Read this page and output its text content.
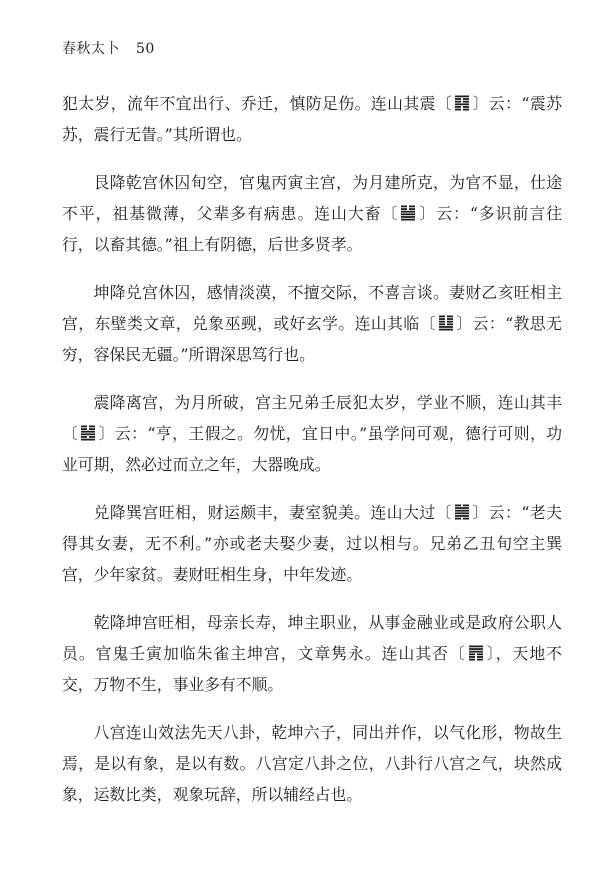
春秋太卜 50

犯太岁，流年不宜出行、乔迁，慎防足伤。连山其震〔 〕云：“震苏苏，震行无眚。”其所谓也。

艮降乾宫休囚旬空，官鬼丙寅主宫，为月建所克，为官不显，仕途不平，祖基微薄，父辈多有病患。连山大畜〔 〕云：“多识前言往行，以畜其德。”祖上有阴德，后世多贤孝。

坤降兑宫休囚，感情淡漠，不擅交际，不喜言谈。妻财乙亥旺相主宫，东壁类文章，兑象巫觋，或好玄学。连山其临〔 〕云：“教思无穷，容保民无疆。”所谓深思笃行也。

震降离宫，为月所破，宫主兄弟壬辰犯太岁，学业不顺，连山其丰〔 〕云：“亨，王假之。勿忧，宜日中。”虽学问可观，德行可则，功业可期，然必过而立之年，大器晚成。

兑降巽宫旺相，财运颇丰，妻室貌美。连山大过〔 〕云：“老夫得其女妻，无不利。”亦或老夫娶少妻，过以相与。兄弟乙丑旬空主巽宫，少年家贫。妻财旺相生身，中年发迹。

乾降坤宫旺相，母亲长寿，坤主职业，从事金融业或是政府公职人员。官鬼壬寅加临朱雀主坤宫，文章隽永。连山其否〔 〕，天地不交，万物不生，事业多有不顺。

八宫连山效法先天八卦，乾坤六子，同出并作，以气化形，物故生焉，是以有象，是以有数。八宫定八卦之位，八卦行八宫之气，块然成象，运数比类，观象玩辞，所以辅经占也。
